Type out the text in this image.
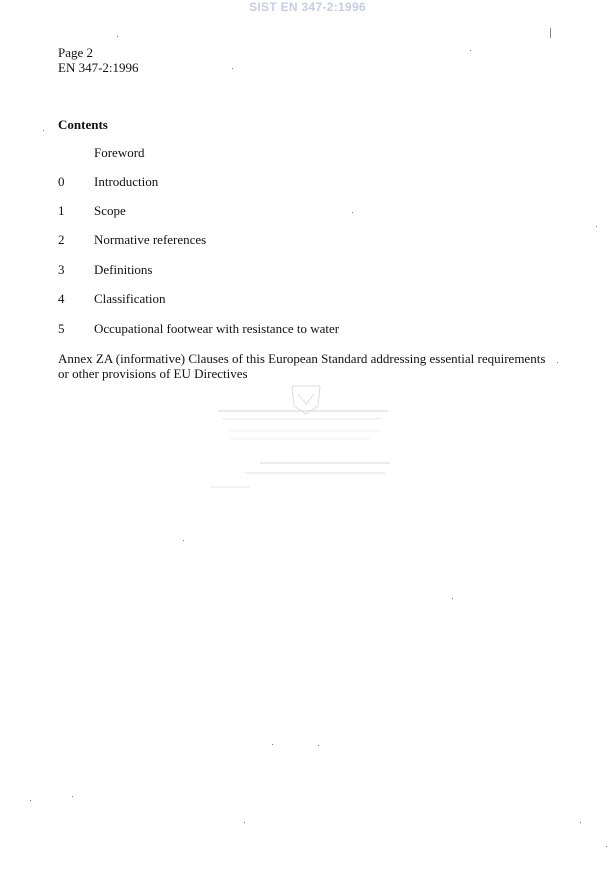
SIST EN 347-2:1996
Page 2
EN 347-2:1996
Contents
Foreword
0 Introduction
1 Scope
2 Normative references
3 Definitions
4 Classification
5 Occupational footwear with resistance to water
Annex ZA (informative) Clauses of this European Standard addressing essential requirements or other provisions of EU Directives
